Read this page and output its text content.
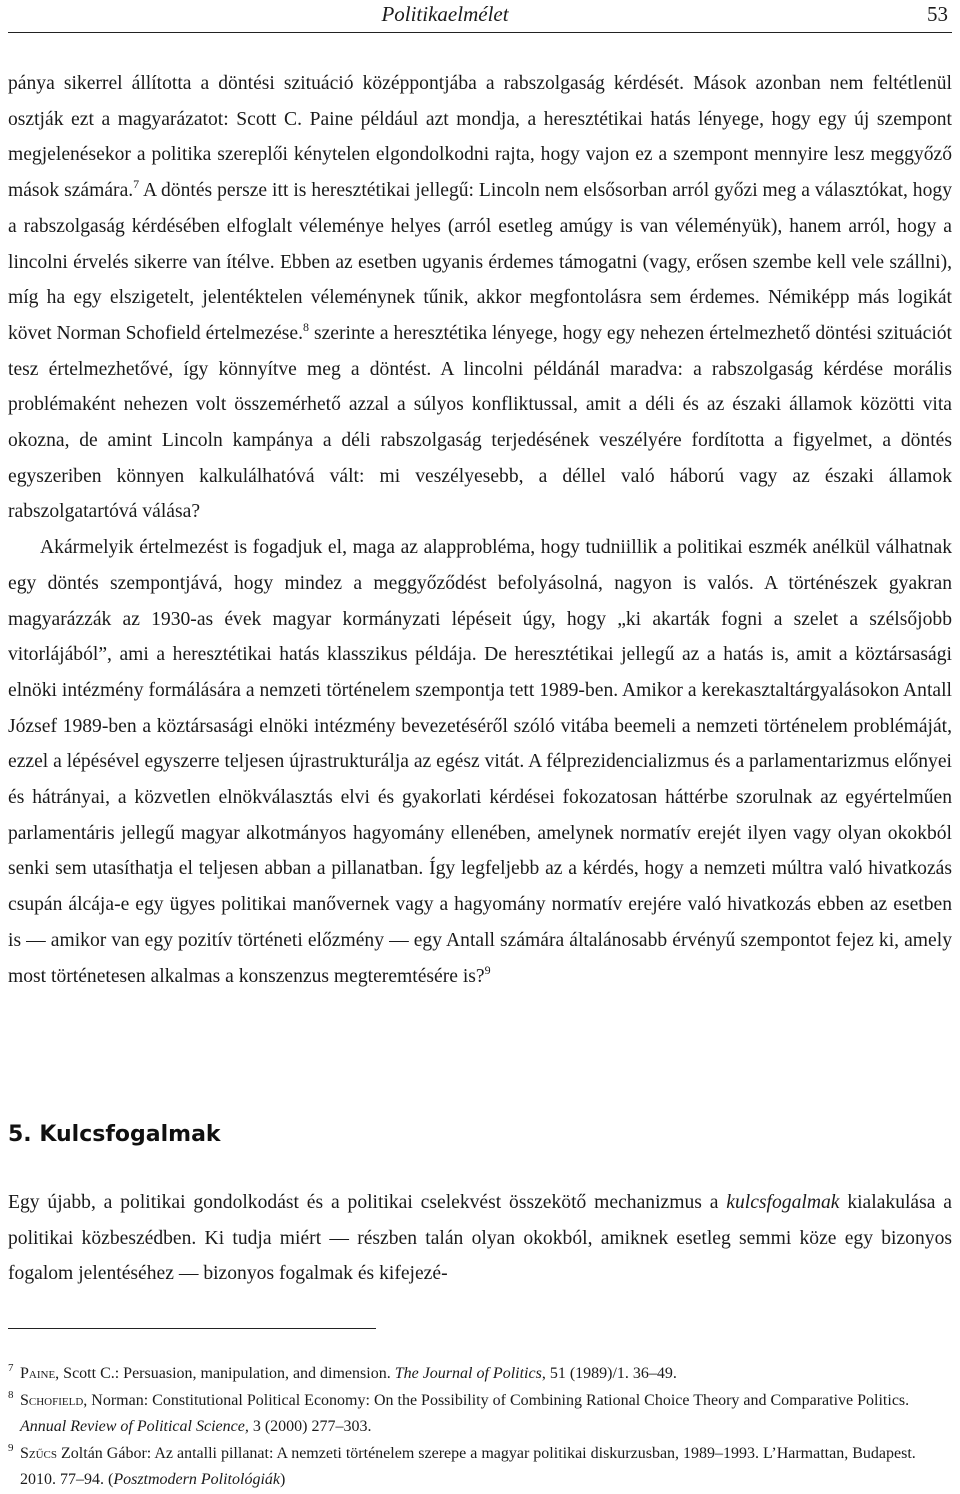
Politikaelmélet	53

pánya sikerrel állította a döntési szituáció középpontjába a rabszolgaság kérdését. Mások azonban nem feltétlenül osztják ezt a magyarázatot: Scott C. Paine például azt mondja, a heresztétikai hatás lényege, hogy egy új szempont megjelenésekor a politika szereplői kénytelen elgondolkodni rajta, hogy vajon ez a szempont mennyire lesz meggyőző mások számára.$^7$ A döntés persze itt is heresztétikai jellegű: Lincoln nem elsősorban arról győzi meg a választókat, hogy a rabszolgaság kérdésében elfoglalt véleménye helyes (arról esetleg amúgy is van véleményük), hanem arról, hogy a lincolni érvelés sikerre van ítélve. Ebben az esetben ugyanis érdemes támogatni (vagy, erősen szembe kell vele szállni), míg ha egy elszigetelt, jelentéktelen véleménynek tűnik, akkor megfontolásra sem érdemes. Némiképp más logikát követ Norman Schofield értelmezése.$^8$ szerinte a heresztétika lényege, hogy egy nehezen értelmezhető döntési szituációt tesz értelmezhetővé, így könnyítve meg a döntést. A lincolni példánál maradva: a rabszolgaság kérdése morális problémaként nehezen volt összemérhető azzal a súlyos konfliktussal, amit a déli és az északi államok közötti vita okozna, de amint Lincoln kampánya a déli rabszolgaság terjedésének veszélyére fordította a figyelmet, a döntés egyszeriben könnyen kalkulálhatóvá vált: mi veszélyesebb, a déllel való háború vagy az északi államok rabszolgatartóvá válása?

Akármelyik értelmezést is fogadjuk el, maga az alapprobléma, hogy tudniillik a politikai eszmék anélkül válhatnak egy döntés szempontjává, hogy mindez a meggyőződést befolyásolná, nagyon is valós. A történészek gyakran magyarázzák az 1930-as évek magyar kormányzati lépéseit úgy, hogy „ki akarták fogni a szelet a szélsőjobb vitorlájából”, ami a heresztétikai hatás klasszikus példája. De heresztétikai jellegű az a hatás is, amit a köztársasági elnöki intézmény formálására a nemzeti történelem szempontja tett 1989-ben. Amikor a kerekasztaltárgyalásokon Antall József 1989-ben a köztársasági elnöki intézmény bevezetéséről szóló vitába beemeli a nemzeti történelem problémáját, ezzel a lépésével egyszerre teljesen újrastrukturálja az egész vitát. A félprezidencializmus és a parlamentarizmus előnyei és hátrányai, a közvetlen elnökválasztás elvi és gyakorlati kérdései fokozatosan háttérbe szorulnak az egyértelműen parlamentáris jellegű magyar alkotmányos hagyomány ellenében, amelynek normatív erejét ilyen vagy olyan okokból senki sem utasíthatja el teljesen abban a pillanatban. Így legfeljebb az a kérdés, hogy a nemzeti múltra való hivatkozás csupán álcája-e egy ügyes politikai manővernek vagy a hagyomány normatív erejére való hivatkozás ebben az esetben is — amikor van egy pozitív történeti előzmény — egy Antall számára általánosabb érvényű szempontot fejez ki, amely most történetesen alkalmas a konszenzus megteremtésére is?$^9$

5. Kulcsfogalmak

Egy újabb, a politikai gondolkodást és a politikai cselekvést összekötő mechanizmus a kulcsfogalmak kialakulása a politikai közbeszédben. Ki tudja miért — részben talán olyan okokból, amiknek esetleg semmi köze egy bizonyos fogalom jelentéséhez — bizonyos fogalmak és kifejezé-

7 Paine, Scott C.: Persuasion, manipulation, and dimension. The Journal of Politics, 51 (1989)/1. 36–49.

8 Schofield, Norman: Constitutional Political Economy: On the Possibility of Combining Rational Choice Theory and Comparative Politics. Annual Review of Political Science, 3 (2000) 277–303.

9 Szűcs Zoltán Gábor: Az antalli pillanat: A nemzeti történelem szerepe a magyar politikai diskurzusban, 1989–1993. L’Harmattan, Budapest. 2010. 77–94. (Posztmodern Politológiák)
